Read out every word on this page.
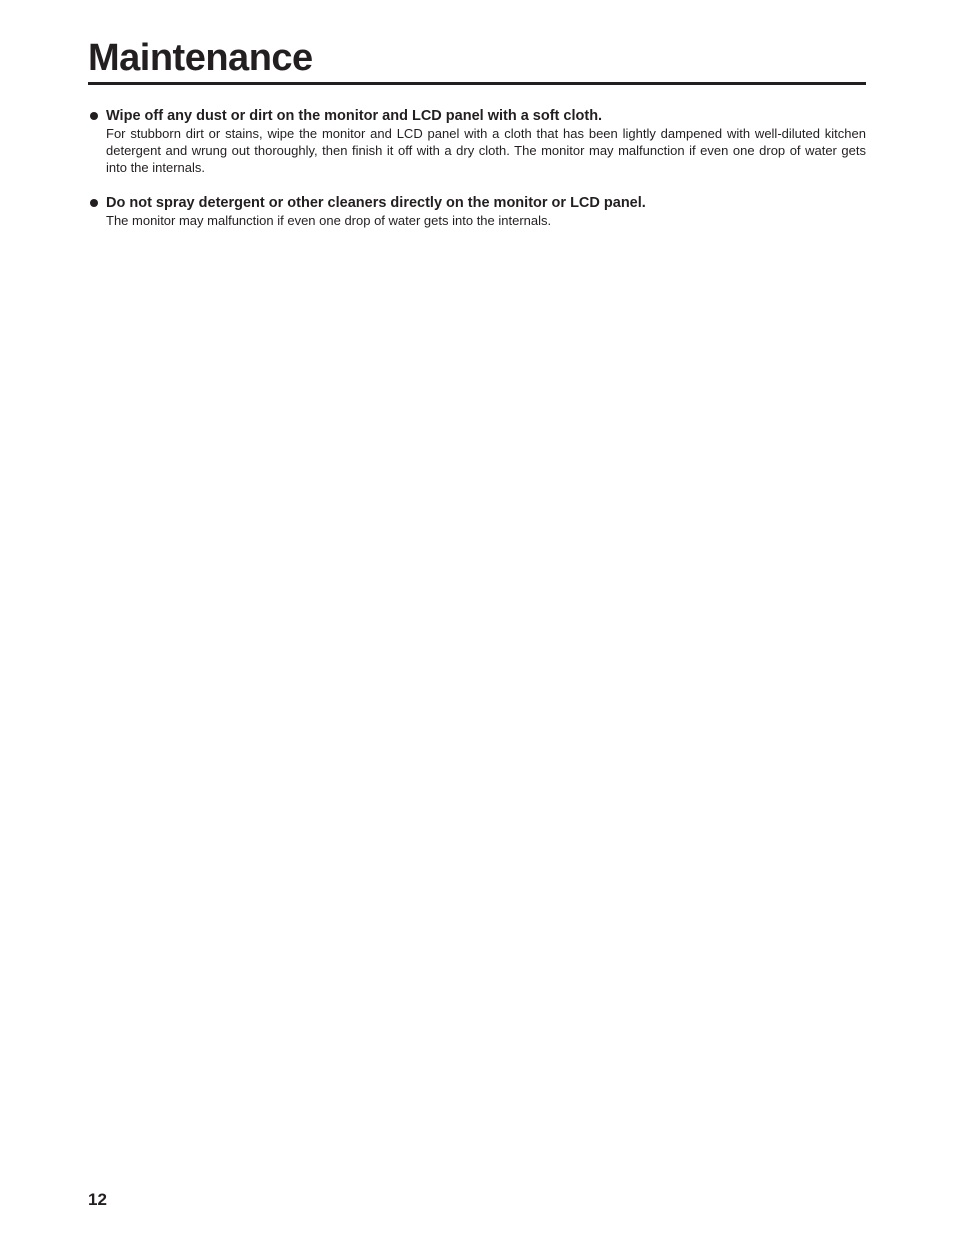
Maintenance
Wipe off any dust or dirt on the monitor and LCD panel with a soft cloth.
For stubborn dirt or stains, wipe the monitor and LCD panel with a cloth that has been lightly dampened with well-diluted kitchen detergent and wrung out thoroughly, then finish it off with a dry cloth. The monitor may malfunction if even one drop of water gets into the internals.
Do not spray detergent or other cleaners directly on the monitor or LCD panel.
The monitor may malfunction if even one drop of water gets into the internals.
12
